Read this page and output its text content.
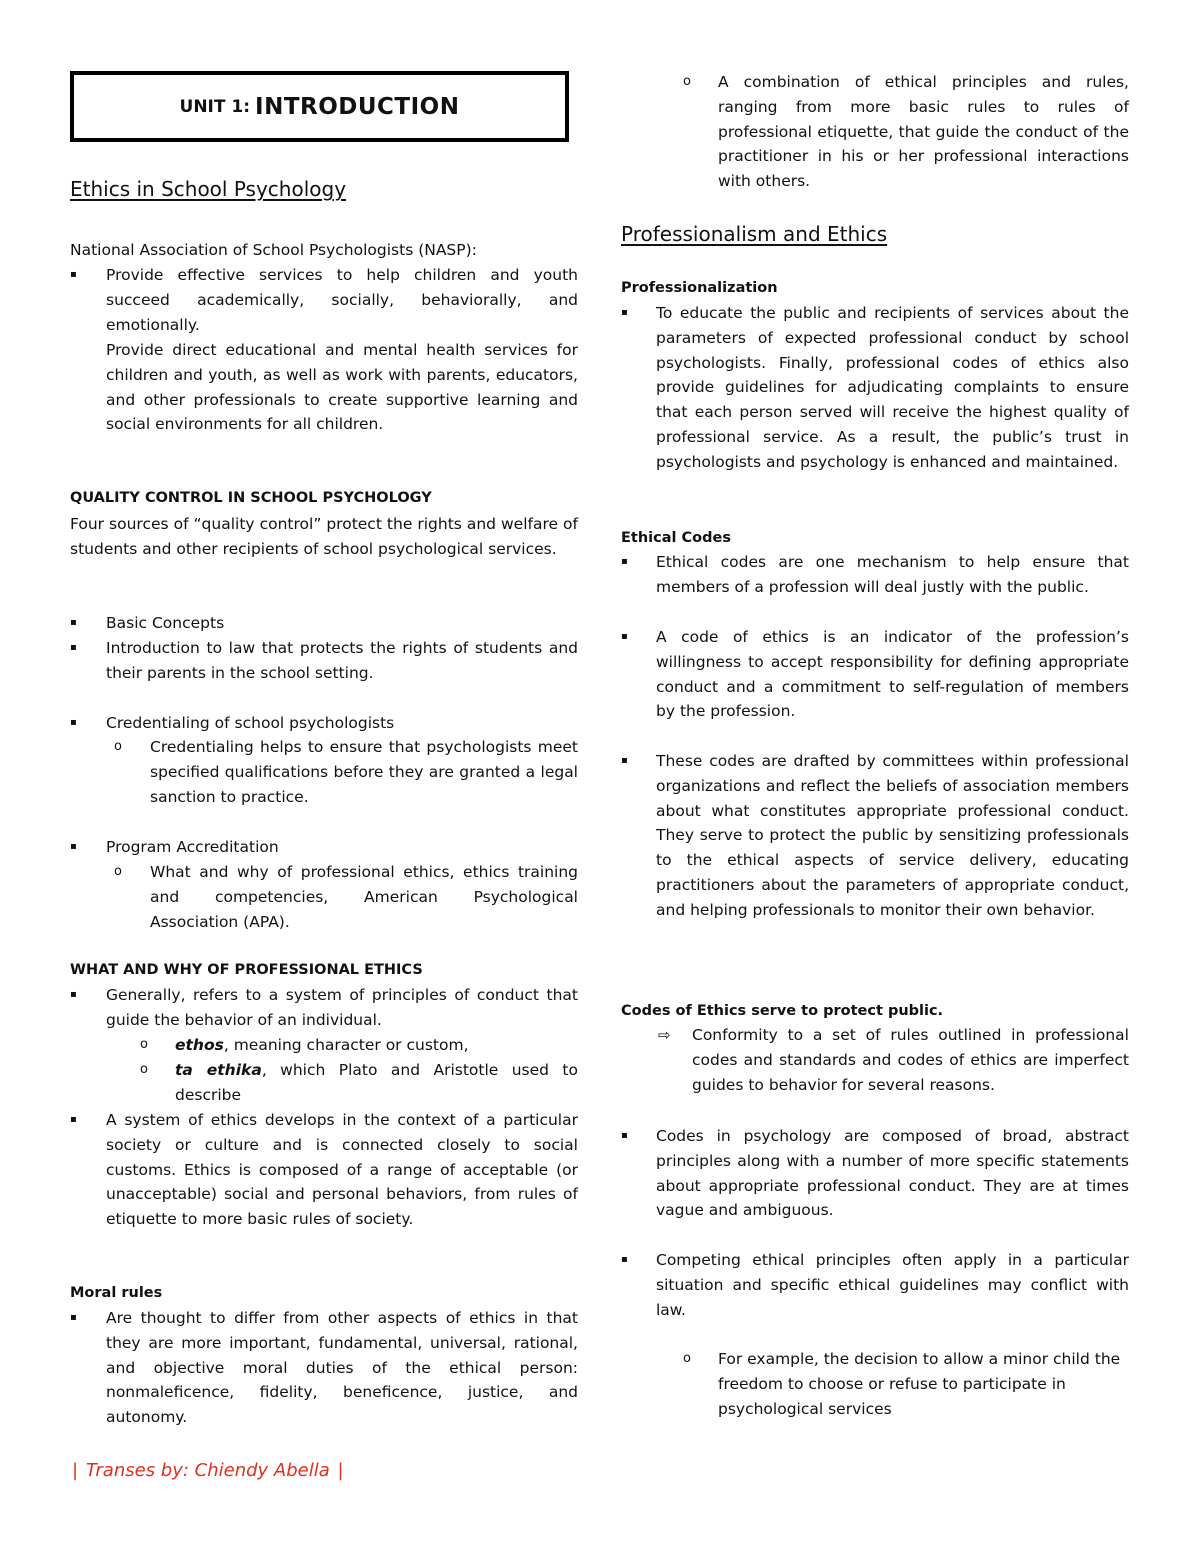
UNIT 1: INTRODUCTION
Ethics in School Psychology
National Association of School Psychologists (NASP):
▪	Provide effective services to help children and youth succeed academically, socially, behaviorally, and emotionally.
Provide direct educational and mental health services for children and youth, as well as work with parents, educators, and other professionals to create supportive learning and social environments for all children.
QUALITY CONTROL IN SCHOOL PSYCHOLOGY
Four sources of “quality control” protect the rights and welfare of students and other recipients of school psychological services.
▪	Basic Concepts
▪	Introduction to law that protects the rights of students and their parents in the school setting.
▪	Credentialing of school psychologists
o Credentialing helps to ensure that psychologists meet specified qualifications before they are granted a legal sanction to practice.
▪	Program Accreditation
o What and why of professional ethics, ethics training and competencies, American Psychological Association (APA).
WHAT AND WHY OF PROFESSIONAL ETHICS
▪	Generally, refers to a system of principles of conduct that guide the behavior of an individual.
o ethos, meaning character or custom,
o ta ethika, which Plato and Aristotle used to describe
▪	A system of ethics develops in the context of a particular society or culture and is connected closely to social customs. Ethics is composed of a range of acceptable (or unacceptable) social and personal behaviors, from rules of etiquette to more basic rules of society.
Moral rules
▪	Are thought to differ from other aspects of ethics in that they are more important, fundamental, universal, rational, and objective moral duties of the ethical person: nonmaleficence, fidelity, beneficence, justice, and autonomy.
o A combination of ethical principles and rules, ranging from more basic rules to rules of professional etiquette, that guide the conduct of the practitioner in his or her professional interactions with others.
Professionalism and Ethics
Professionalization
▪	To educate the public and recipients of services about the parameters of expected professional conduct by school psychologists. Finally, professional codes of ethics also provide guidelines for adjudicating complaints to ensure that each person served will receive the highest quality of professional service. As a result, the public’s trust in psychologists and psychology is enhanced and maintained.
Ethical Codes
▪	Ethical codes are one mechanism to help ensure that members of a profession will deal justly with the public.
▪	A code of ethics is an indicator of the profession’s willingness to accept responsibility for defining appropriate conduct and a commitment to self-regulation of members by the profession.
▪	These codes are drafted by committees within professional organizations and reflect the beliefs of association members about what constitutes appropriate professional conduct. They serve to protect the public by sensitizing professionals to the ethical aspects of service delivery, educating practitioners about the parameters of appropriate conduct, and helping professionals to monitor their own behavior.
Codes of Ethics serve to protect public.
⇨ Conformity to a set of rules outlined in professional codes and standards and codes of ethics are imperfect guides to behavior for several reasons.
▪	Codes in psychology are composed of broad, abstract principles along with a number of more specific statements about appropriate professional conduct. They are at times vague and ambiguous.
▪	Competing ethical principles often apply in a particular situation and specific ethical guidelines may conflict with law.
o For example, the decision to allow a minor child the freedom to choose or refuse to participate in psychological services
| Transes by: Chiendy Abella |
